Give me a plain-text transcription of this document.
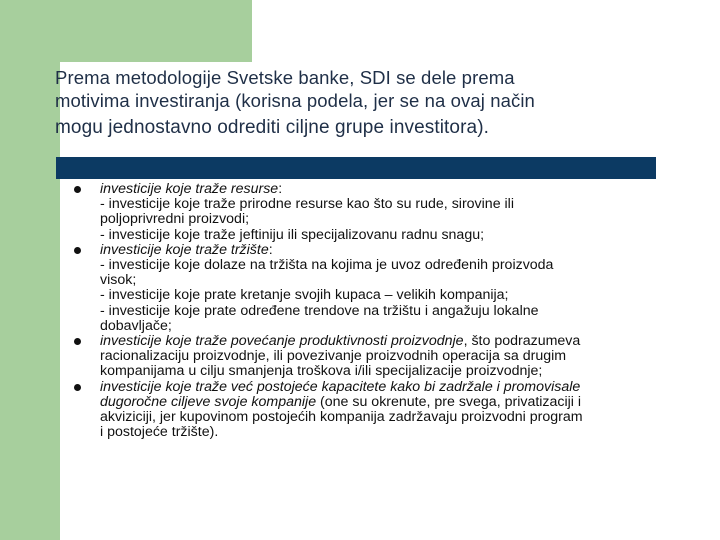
Prema metodologije Svetske banke, SDI se dele prema
motivima investiranja (korisna podela, jer se na ovaj način
mogu jednostavno odrediti ciljne grupe investitora).

investicije koje traže resurse:
- investicije koje traže prirodne resurse kao što su rude, sirovine ili
poljoprivredni proizvodi;
- investicije koje traže jeftiniju ili specijalizovanu radnu snagu;

investicije koje traže tržište:
- investicije koje dolaze na tržišta na kojima je uvoz određenih proizvoda
visok;
- investicije koje prate kretanje svojih kupaca – velikih kompanija;
- investicije koje prate određene trendove na tržištu i angažuju lokalne
dobavljače;

investicije koje traže povećanje produktivnosti proizvodnje, što podrazumeva
racionalizaciju proizvodnje, ili povezivanje proizvodnih operacija sa drugim
kompanijama u cilju smanjenja troškova i/ili specijalizacije proizvodnje;

investicije koje traže već postojeće kapacitete kako bi zadržale i promovisale
dugoročne ciljeve svoje kompanije (one su okrenute, pre svega, privatizaciji i
akviziciji, jer kupovinom postojećih kompanija zadržavaju proizvodni program
i postojeće tržište).
